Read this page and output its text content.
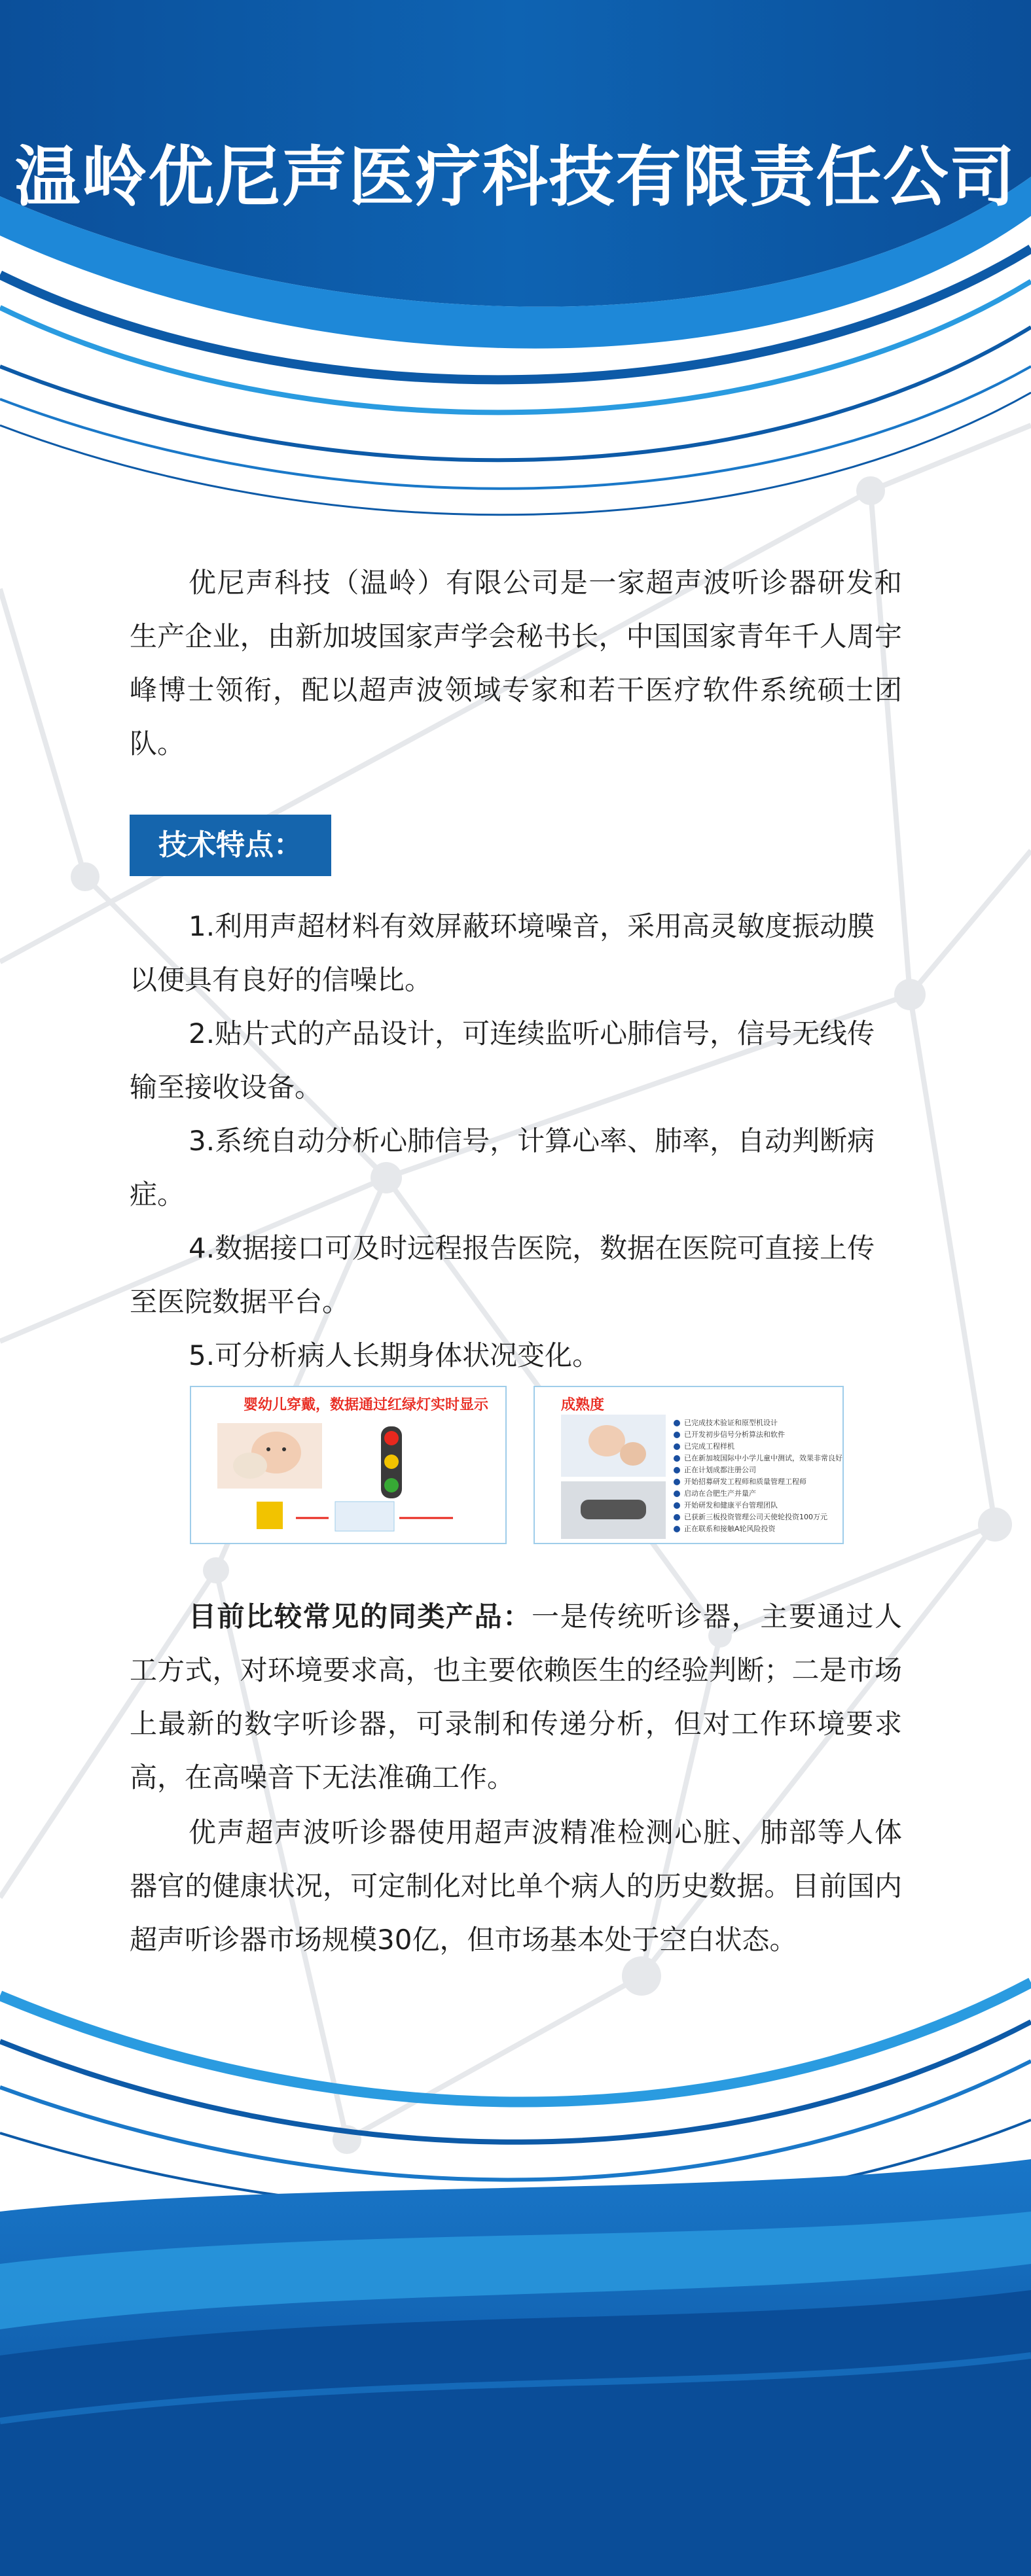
温岭优尼声医疗科技有限责任公司

优尼声科技（温岭）有限公司是一家超声波听诊器研发和生产企业，由新加坡国家声学会秘书长，中国国家青年千人周宇峰博士领衔，配以超声波领域专家和若干医疗软件系统硕士团队。

技术特点：

1.利用声超材料有效屏蔽环境噪音，采用高灵敏度振动膜以便具有良好的信噪比。

2.贴片式的产品设计，可连续监听心肺信号，信号无线传输至接收设备。

3.系统自动分析心肺信号，计算心率、肺率，自动判断病症。

4.数据接口可及时远程报告医院，数据在医院可直接上传至医院数据平台。

5.可分析病人长期身体状况变化。

婴幼儿穿戴，数据通过红绿灯实时显示	成熟度
已完成技术验证和原型机设计
已开发初步信号分析算法和软件
已完成工程样机
已在新加坡国际中小学儿童中测试，效果非常良好
正在计划成都注册公司
开始招募研发工程师和质量管理工程师
启动在合肥生产并量产
开始研发和健康平台管理团队
已获新三板投资管理公司天使轮投资100万元
正在联系和接触A轮风险投资

目前比较常见的同类产品：一是传统听诊器，主要通过人工方式，对环境要求高，也主要依赖医生的经验判断；二是市场上最新的数字听诊器，可录制和传递分析，但对工作环境要求高，在高噪音下无法准确工作。

优声超声波听诊器使用超声波精准检测心脏、肺部等人体器官的健康状况，可定制化对比单个病人的历史数据。目前国内超声听诊器市场规模30亿，但市场基本处于空白状态。
